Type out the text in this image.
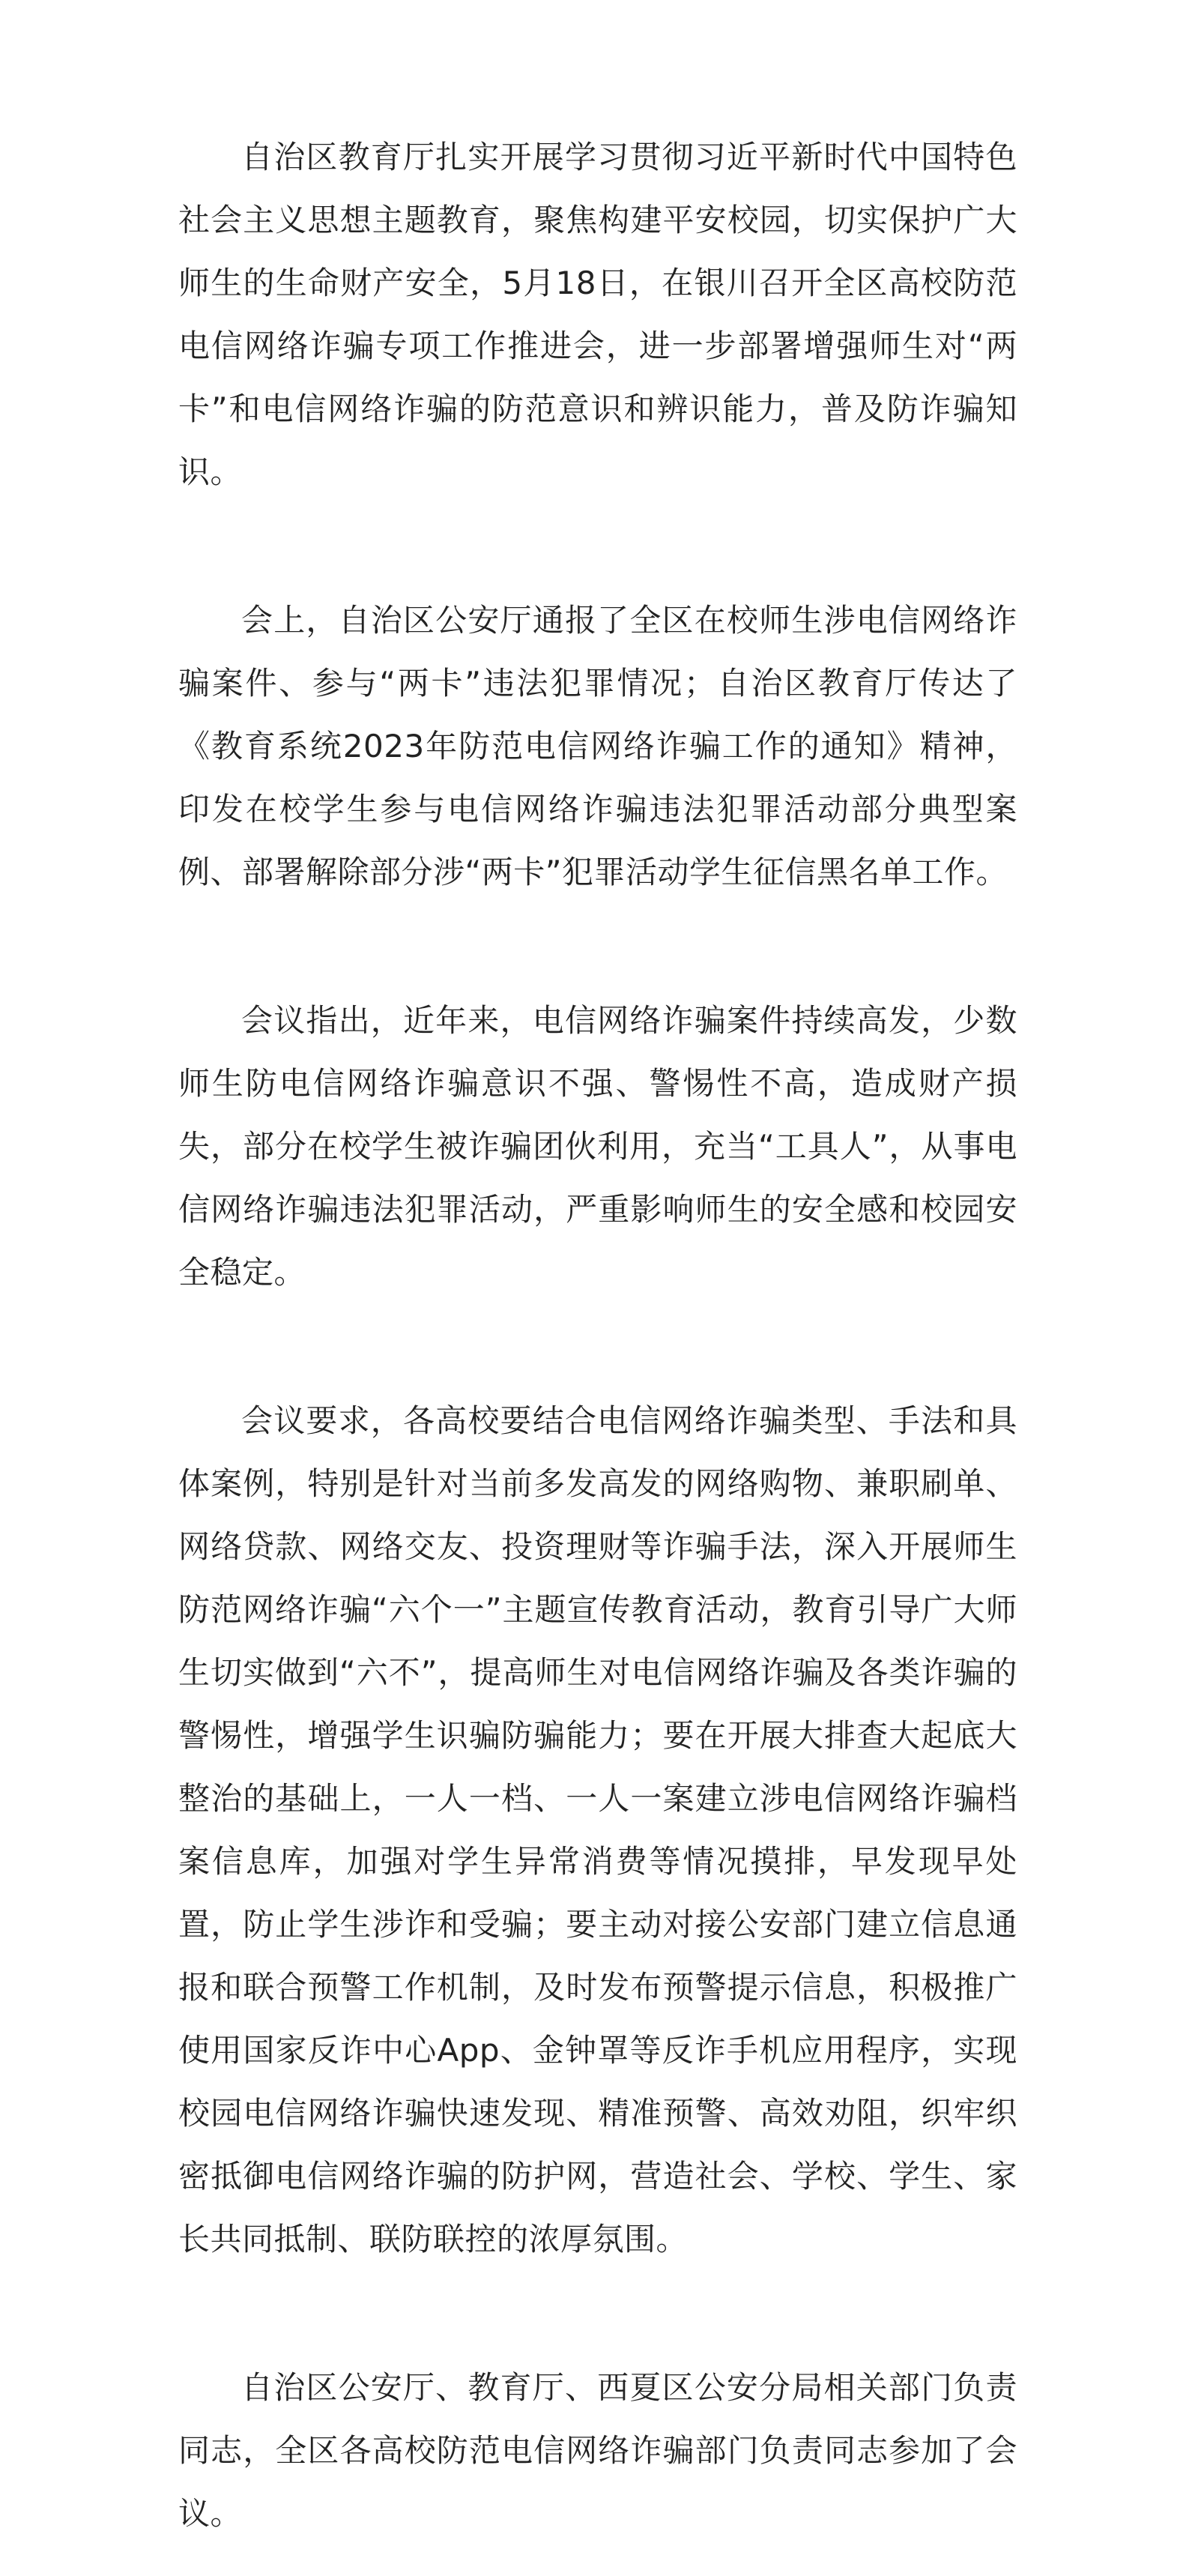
自治区教育厅扎实开展学习贯彻习近平新时代中国特色社会主义思想主题教育，聚焦构建平安校园，切实保护广大师生的生命财产安全，5月18日，在银川召开全区高校防范电信网络诈骗专项工作推进会，进一步部署增强师生对“两卡”和电信网络诈骗的防范意识和辨识能力，普及防诈骗知识。

会上，自治区公安厅通报了全区在校师生涉电信网络诈骗案件、参与“两卡”违法犯罪情况；自治区教育厅传达了《教育系统2023年防范电信网络诈骗工作的通知》精神，印发在校学生参与电信网络诈骗违法犯罪活动部分典型案例、部署解除部分涉“两卡”犯罪活动学生征信黑名单工作。

会议指出，近年来，电信网络诈骗案件持续高发，少数师生防电信网络诈骗意识不强、警惕性不高，造成财产损失，部分在校学生被诈骗团伙利用，充当“工具人”，从事电信网络诈骗违法犯罪活动，严重影响师生的安全感和校园安全稳定。

会议要求，各高校要结合电信网络诈骗类型、手法和具体案例，特别是针对当前多发高发的网络购物、兼职刷单、网络贷款、网络交友、投资理财等诈骗手法，深入开展师生防范网络诈骗“六个一”主题宣传教育活动，教育引导广大师生切实做到“六不”，提高师生对电信网络诈骗及各类诈骗的警惕性，增强学生识骗防骗能力；要在开展大排查大起底大整治的基础上，一人一档、一人一案建立涉电信网络诈骗档案信息库，加强对学生异常消费等情况摸排，早发现早处置，防止学生涉诈和受骗；要主动对接公安部门建立信息通报和联合预警工作机制，及时发布预警提示信息，积极推广使用国家反诈中心App、金钟罩等反诈手机应用程序，实现校园电信网络诈骗快速发现、精准预警、高效劝阻，织牢织密抵御电信网络诈骗的防护网，营造社会、学校、学生、家长共同抵制、联防联控的浓厚氛围。

自治区公安厅、教育厅、西夏区公安分局相关部门负责同志，全区各高校防范电信网络诈骗部门负责同志参加了会议。
